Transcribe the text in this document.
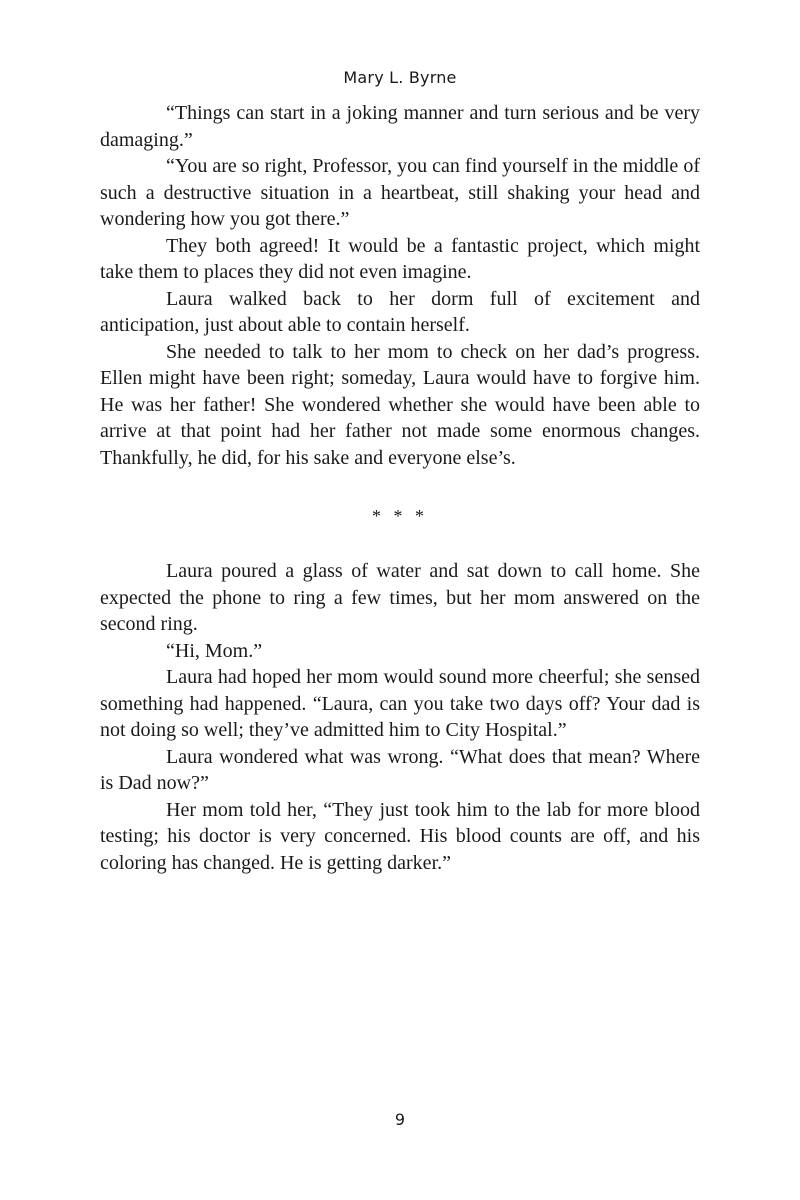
Mary L. Byrne

“Things can start in a joking manner and turn serious and be very damaging.”

“You are so right, Professor, you can find yourself in the middle of such a destructive situation in a heartbeat, still shaking your head and wondering how you got there.”

They both agreed! It would be a fantastic project, which might take them to places they did not even imagine.

Laura walked back to her dorm full of excitement and anticipation, just about able to contain herself.

She needed to talk to her mom to check on her dad’s progress. Ellen might have been right; someday, Laura would have to forgive him. He was her father! She wondered whether she would have been able to arrive at that point had her father not made some enormous changes. Thankfully, he did, for his sake and everyone else’s.

* * *

Laura poured a glass of water and sat down to call home. She expected the phone to ring a few times, but her mom answered on the second ring.

“Hi, Mom.”

Laura had hoped her mom would sound more cheerful; she sensed something had happened. “Laura, can you take two days off? Your dad is not doing so well; they’ve admitted him to City Hospital.”

Laura wondered what was wrong. “What does that mean? Where is Dad now?”

Her mom told her, “They just took him to the lab for more blood testing; his doctor is very concerned. His blood counts are off, and his coloring has changed. He is getting darker.”

9
